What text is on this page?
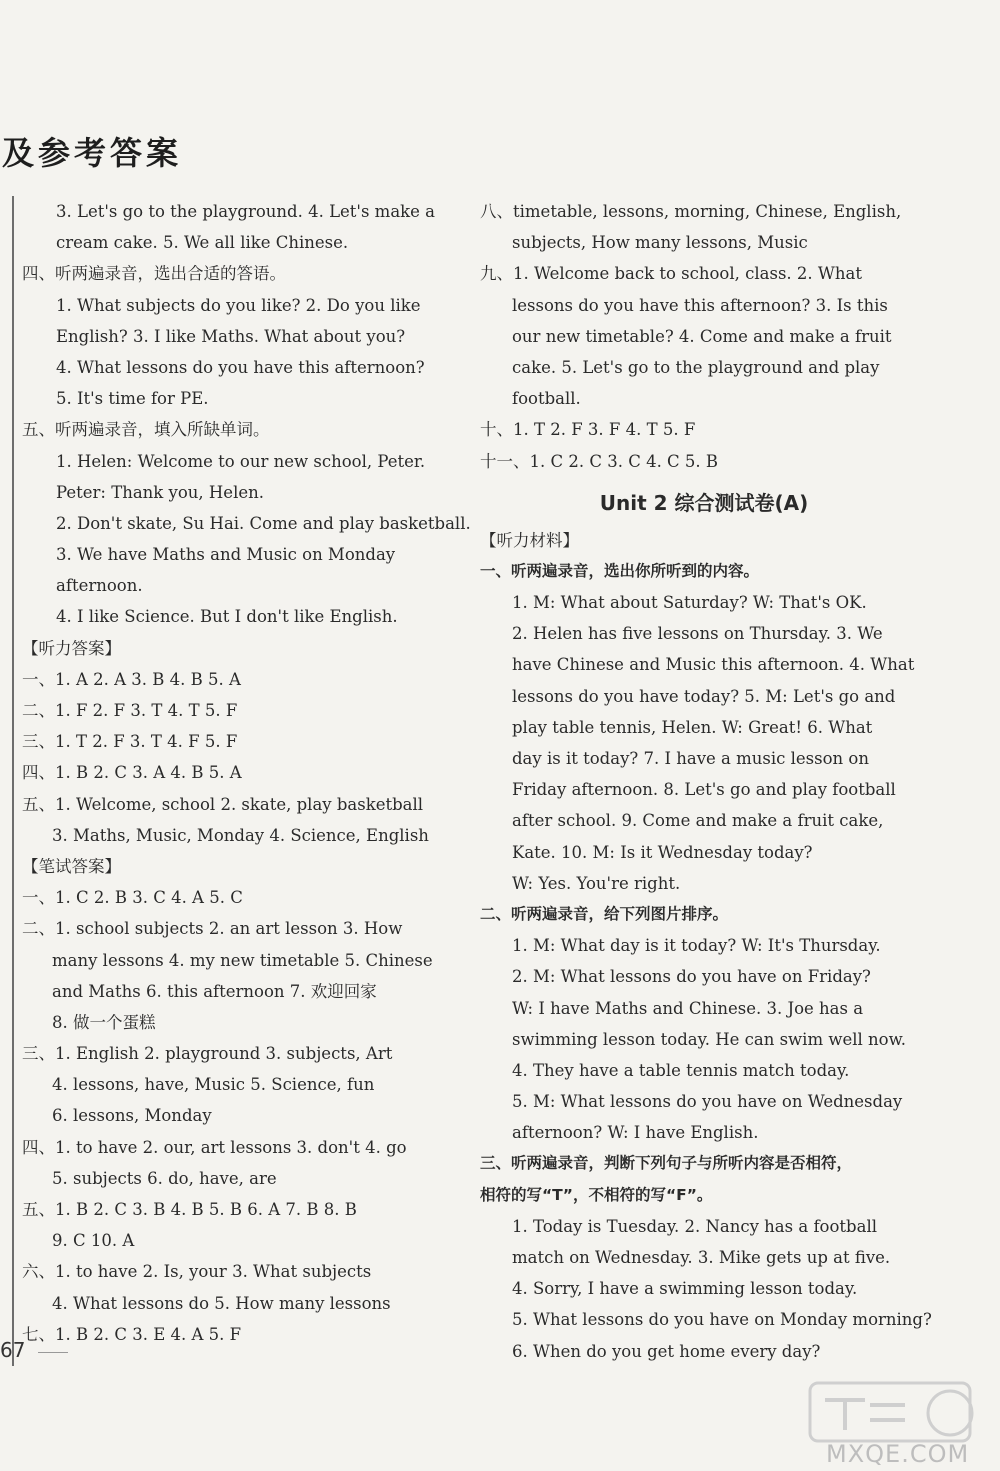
及参考答案
3. Let's go to the playground. 4. Let's make a
cream cake. 5. We all like Chinese.
四、听两遍录音，选出合适的答语。
1. What subjects do you like? 2. Do you like
English? 3. I like Maths. What about you?
4. What lessons do you have this afternoon?
5. It's time for PE.
五、听两遍录音，填入所缺单词。
1. Helen: Welcome to our new school, Peter.
Peter: Thank you, Helen.
2. Don't skate, Su Hai. Come and play basketball.
3. We have Maths and Music on Monday
afternoon.
4. I like Science. But I don't like English.
【听力答案】
一、1. A 2. A 3. B 4. B 5. A
二、1. F 2. F 3. T 4. T 5. F
三、1. T 2. F 3. T 4. F 5. F
四、1. B 2. C 3. A 4. B 5. A
五、1. Welcome, school 2. skate, play basketball
3. Maths, Music, Monday 4. Science, English
【笔试答案】
一、1. C 2. B 3. C 4. A 5. C
二、1. school subjects 2. an art lesson 3. How
many lessons 4. my new timetable 5. Chinese
and Maths 6. this afternoon 7. 欢迎回家
8. 做一个蛋糕
三、1. English 2. playground 3. subjects, Art
4. lessons, have, Music 5. Science, fun
6. lessons, Monday
四、1. to have 2. our, art lessons 3. don't 4. go
5. subjects 6. do, have, are
五、1. B 2. C 3. B 4. B 5. B 6. A 7. B 8. B
9. C 10. A
六、1. to have 2. Is, your 3. What subjects
4. What lessons do 5. How many lessons
七、1. B 2. C 3. E 4. A 5. F
八、timetable, lessons, morning, Chinese, English,
subjects, How many lessons, Music
九、1. Welcome back to school, class. 2. What
lessons do you have this afternoon? 3. Is this
our new timetable? 4. Come and make a fruit
cake. 5. Let's go to the playground and play
football.
十、1. T 2. F 3. F 4. T 5. F
十一、1. C 2. C 3. C 4. C 5. B
Unit 2 综合测试卷(A)
【听力材料】
一、听两遍录音，选出你所听到的内容。
1. M: What about Saturday? W: That's OK.
2. Helen has five lessons on Thursday. 3. We
have Chinese and Music this afternoon. 4. What
lessons do you have today? 5. M: Let's go and
play table tennis, Helen. W: Great! 6. What
day is it today? 7. I have a music lesson on
Friday afternoon. 8. Let's go and play football
after school. 9. Come and make a fruit cake,
Kate. 10. M: Is it Wednesday today?
W: Yes. You're right.
二、听两遍录音，给下列图片排序。
1. M: What day is it today? W: It's Thursday.
2. M: What lessons do you have on Friday?
W: I have Maths and Chinese. 3. Joe has a
swimming lesson today. He can swim well now.
4. They have a table tennis match today.
5. M: What lessons do you have on Wednesday
afternoon? W: I have English.
三、听两遍录音，判断下列句子与所听内容是否相符，
相符的写“T”，不相符的写“F”。
1. Today is Tuesday. 2. Nancy has a football
match on Wednesday. 3. Mike gets up at five.
4. Sorry, I have a swimming lesson today.
5. What lessons do you have on Monday morning?
6. When do you get home every day?
67
MXQE.COM
